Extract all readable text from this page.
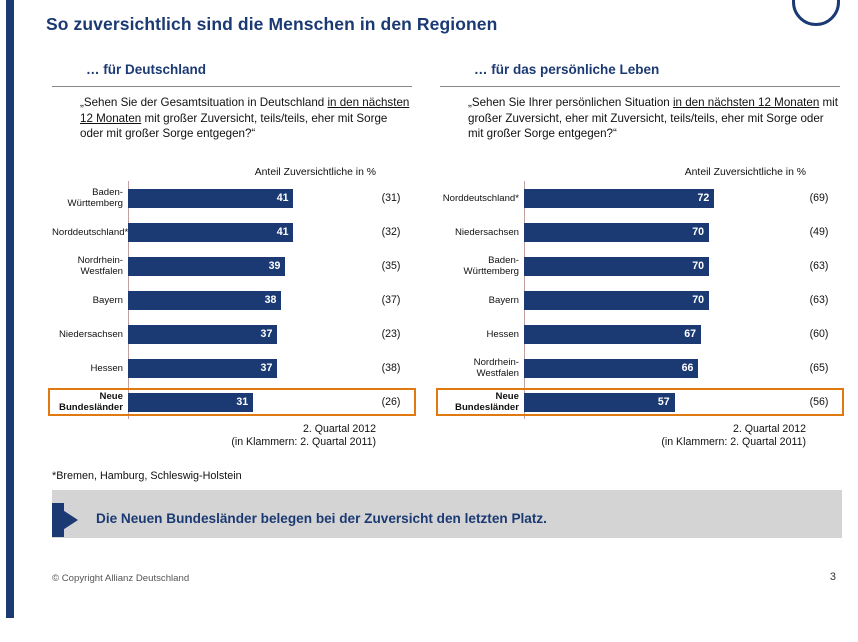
So zuversichtlich sind die Menschen in den Regionen
… für Deutschland
„Sehen Sie der Gesamtsituation in Deutschland in den nächsten 12 Monaten mit großer Zuversicht, teils/teils, eher mit Sorge oder mit großer Sorge entgegen?“
Anteil Zuversichtliche in %
Baden-
Württemberg	41	(31)
Norddeutschland*	41	(32)
Nordrhein-
Westfalen	39	(35)
Bayern	38	(37)
Niedersachsen	37	(23)
Hessen	37	(38)
Neue Bundesländer	31	(26)
2. Quartal 2012
(in Klammern: 2. Quartal 2011)
… für das persönliche Leben
„Sehen Sie Ihrer persönlichen Situation in den nächsten 12 Monaten mit großer Zuversicht, eher mit Zuversicht, teils/teils, eher mit Sorge oder mit großer Sorge entgegen?“
Anteil Zuversichtliche in %
Norddeutschland*	72	(69)
Niedersachsen	70	(49)
Baden-
Württemberg	70	(63)
Bayern	70	(63)
Hessen	67	(60)
Nordrhein-
Westfalen	66	(65)
Neue Bundesländer	57	(56)
2. Quartal 2012
(in Klammern: 2. Quartal 2011)
*Bremen, Hamburg, Schleswig-Holstein
Die Neuen Bundesländer belegen bei der Zuversicht den letzten Platz.
© Copyright Allianz Deutschland	3
